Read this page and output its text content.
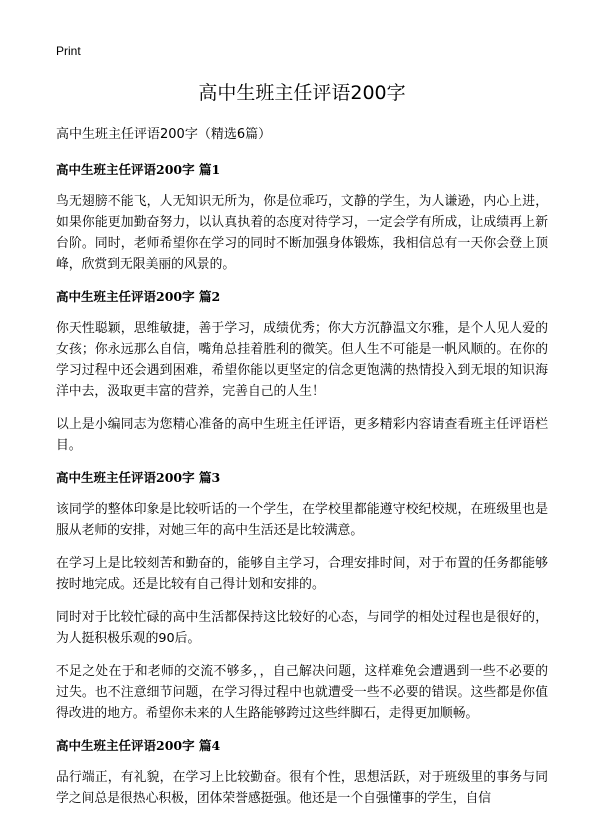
Print
高中生班主任评语200字
高中生班主任评语200字（精选6篇）
高中生班主任评语200字 篇1

鸟无翅膀不能飞，人无知识无所为，你是位乖巧，文静的学生，为人谦逊，内心上进，如果你能更加勤奋努力，以认真执着的态度对待学习，一定会学有所成，让成绩再上新台阶。同时，老师希望你在学习的同时不断加强身体锻炼，我相信总有一天你会登上顶峰，欣赏到无限美丽的风景的。

高中生班主任评语200字 篇2

你天性聪颖，思维敏捷，善于学习，成绩优秀；你大方沉静温文尔雅，是个人见人爱的女孩；你永远那么自信，嘴角总挂着胜利的微笑。但人生不可能是一帆风顺的。在你的学习过程中还会遇到困难，希望你能以更坚定的信念更饱满的热情投入到无垠的知识海洋中去，汲取更丰富的营养，完善自己的人生！

以上是小编同志为您精心准备的高中生班主任评语，更多精彩内容请查看班主任评语栏目。

高中生班主任评语200字 篇3

该同学的整体印象是比较听话的一个学生，在学校里都能遵守校纪校规，在班级里也是服从老师的安排，对她三年的高中生活还是比较满意。

在学习上是比较刻苦和勤奋的，能够自主学习，合理安排时间，对于布置的任务都能够按时地完成。还是比较有自己得计划和安排的。

同时对于比较忙碌的高中生活都保持这比较好的心态，与同学的相处过程也是很好的，为人挺积极乐观的90后。

不足之处在于和老师的交流不够多，，自己解决问题，这样难免会遭遇到一些不必要的过失。也不注意细节问题，在学习得过程中也就遭受一些不必要的错误。这些都是你值得改进的地方。希望你未来的人生路能够跨过这些绊脚石，走得更加顺畅。

高中生班主任评语200字 篇4

品行端正，有礼貌，在学习上比较勤奋。很有个性，思想活跃，对于班级里的事务与同学之间总是很热心积极，团体荣誉感挺强。他还是一个自强懂事的学生，自信
